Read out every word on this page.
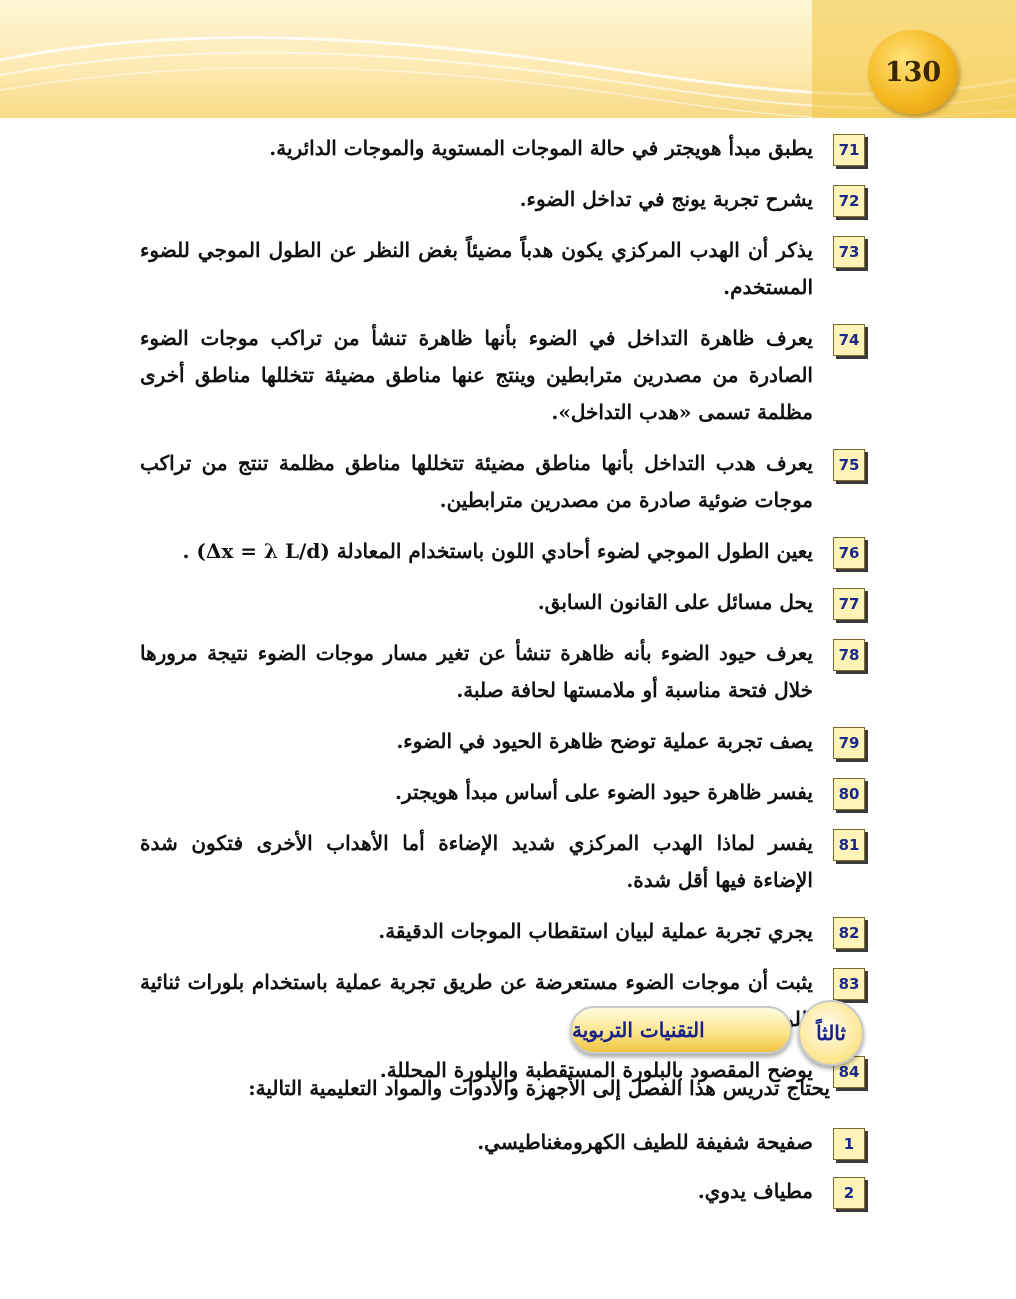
130
71
يطبق مبدأ هويجتر في حالة الموجات المستوية والموجات الدائرية.
72
يشرح تجربة يونج في تداخل الضوء.
73
يذكر أن الهدب المركزي يكون هدباً مضيئاً بغض النظر عن الطول الموجي للضوء المستخدم.
74
يعرف ظاهرة التداخل في الضوء بأنها ظاهرة تنشأ من تراكب موجات الضوء الصادرة من مصدرين مترابطين وينتج عنها مناطق مضيئة تتخللها مناطق أخرى مظلمة تسمى «هدب التداخل».
75
يعرف هدب التداخل بأنها مناطق مضيئة تتخللها مناطق مظلمة تنتج من تراكب موجات ضوئية صادرة من مصدرين مترابطين.
76
يعين الطول الموجي لضوء أحادي اللون باستخدام المعادلة (Δx = λ L/d) .
77
يحل مسائل على القانون السابق.
78
يعرف حيود الضوء بأنه ظاهرة تنشأ عن تغير مسار موجات الضوء نتيجة مرورها خلال فتحة مناسبة أو ملامستها لحافة صلبة.
79
يصف تجربة عملية توضح ظاهرة الحيود في الضوء.
80
يفسر ظاهرة حيود الضوء على أساس مبدأ هويجتر.
81
يفسر لماذا الهدب المركزي شديد الإضاءة أما الأهداب الأخرى فتكون شدة الإضاءة فيها أقل شدة.
82
يجري تجربة عملية لبيان استقطاب الموجات الدقيقة.
83
يثبت أن موجات الضوء مستعرضة عن طريق تجربة عملية باستخدام بلورات ثنائية
84
يوضح المقصود بالبلورة المستقطبة والبلورة المحللة.
التقنيات التربوية	ثالثاً
يحتاج تدريس هذا الفصل إلى الأجهزة والأدوات والمواد التعليمية التالية:
1
صفيحة شفيفة للطيف الكهرومغناطيسي.
2
مطياف يدوي.
